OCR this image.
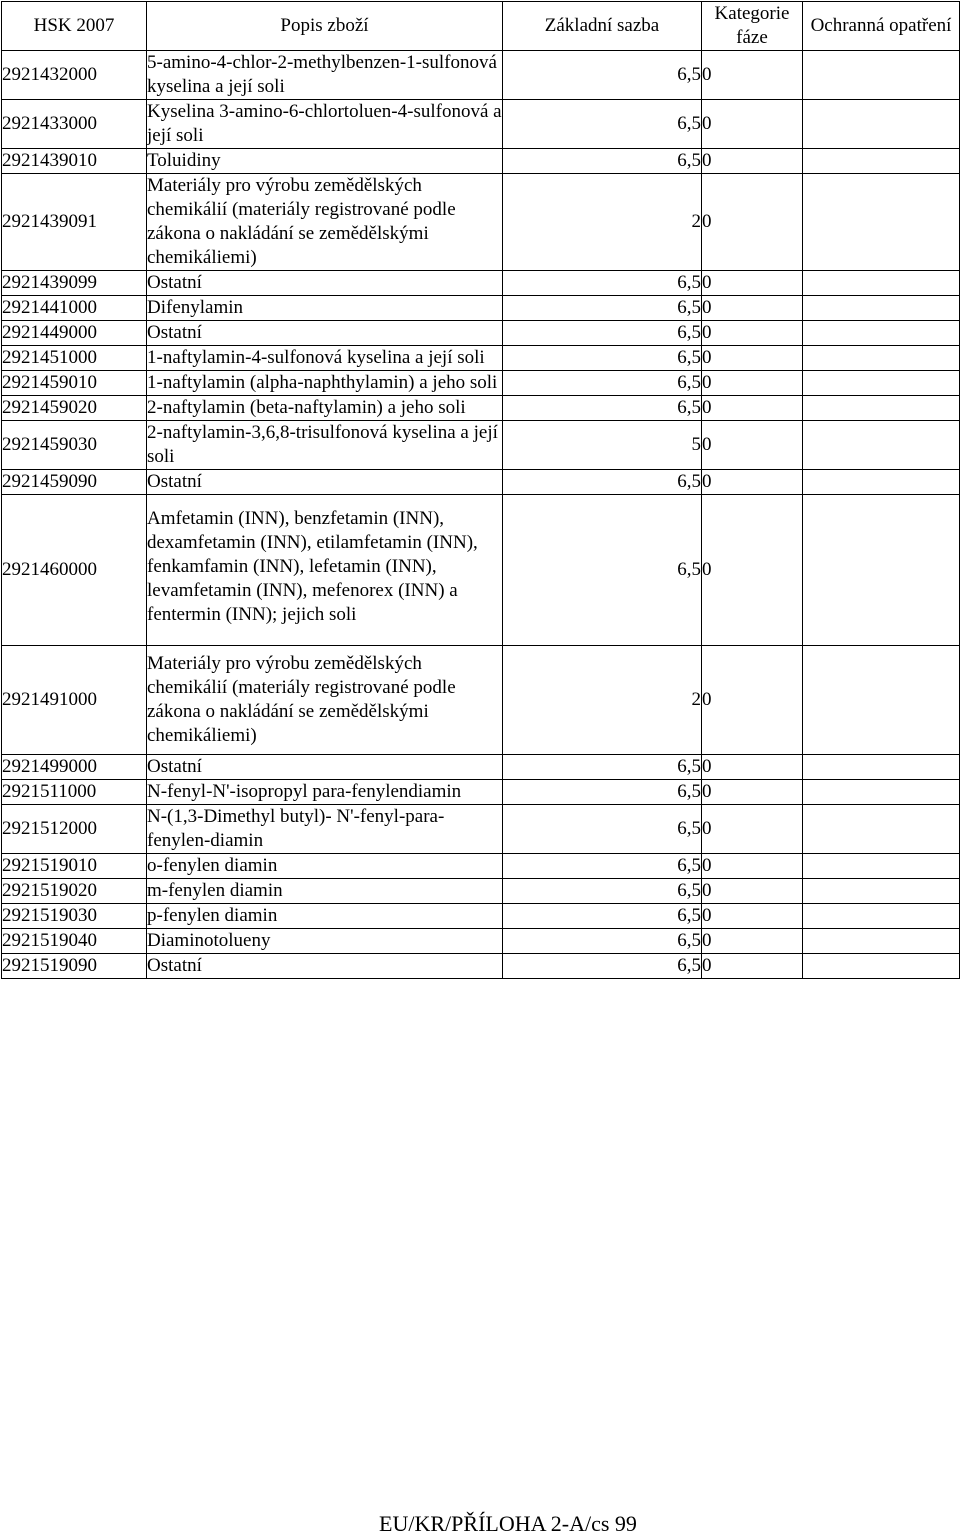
HSK 2007	Popis zboží	Základní sazba	Kategorie fáze	Ochranná opatření
2921432000	5-amino-4-chlor-2-methylbenzen-1-sulfonová kyselina a její soli	6,5	0	
2921433000	Kyselina 3-amino-6-chlortoluen-4-sulfonová a její soli	6,5	0	
2921439010	Toluidiny	6,5	0	
2921439091	Materiály pro výrobu zemědělských chemikálií (materiály registrované podle zákona o nakládání se zemědělskými chemikáliemi)	2	0	
2921439099	Ostatní	6,5	0	
2921441000	Difenylamin	6,5	0	
2921449000	Ostatní	6,5	0	
2921451000	1-naftylamin-4-sulfonová kyselina a její soli	6,5	0	
2921459010	1-naftylamin (alpha-naphthylamin) a jeho soli	6,5	0	
2921459020	2-naftylamin (beta-naftylamin) a jeho soli	6,5	0	
2921459030	2-naftylamin-3,6,8-trisulfonová kyselina a její soli	5	0	
2921459090	Ostatní	6,5	0	
2921460000	Amfetamin (INN), benzfetamin (INN), dexamfetamin (INN), etilamfetamin (INN), fenkamfamin (INN), lefetamin (INN), levamfetamin (INN), mefenorex (INN) a fentermin (INN); jejich soli	6,5	0	
2921491000	Materiály pro výrobu zemědělských chemikálií (materiály registrované podle zákona o nakládání se zemědělskými chemikáliemi)	2	0	
2921499000	Ostatní	6,5	0	
2921511000	N-fenyl-N'-isopropyl para-fenylendiamin	6,5	0	
2921512000	N-(1,3-Dimethyl butyl)- N'-fenyl-para-fenylen-diamin	6,5	0	
2921519010	o-fenylen diamin	6,5	0	
2921519020	m-fenylen diamin	6,5	0	
2921519030	p-fenylen diamin	6,5	0	
2921519040	Diaminotolueny	6,5	0	
2921519090	Ostatní	6,5	0	
EU/KR/PŘÍLOHA 2-A/cs 99
